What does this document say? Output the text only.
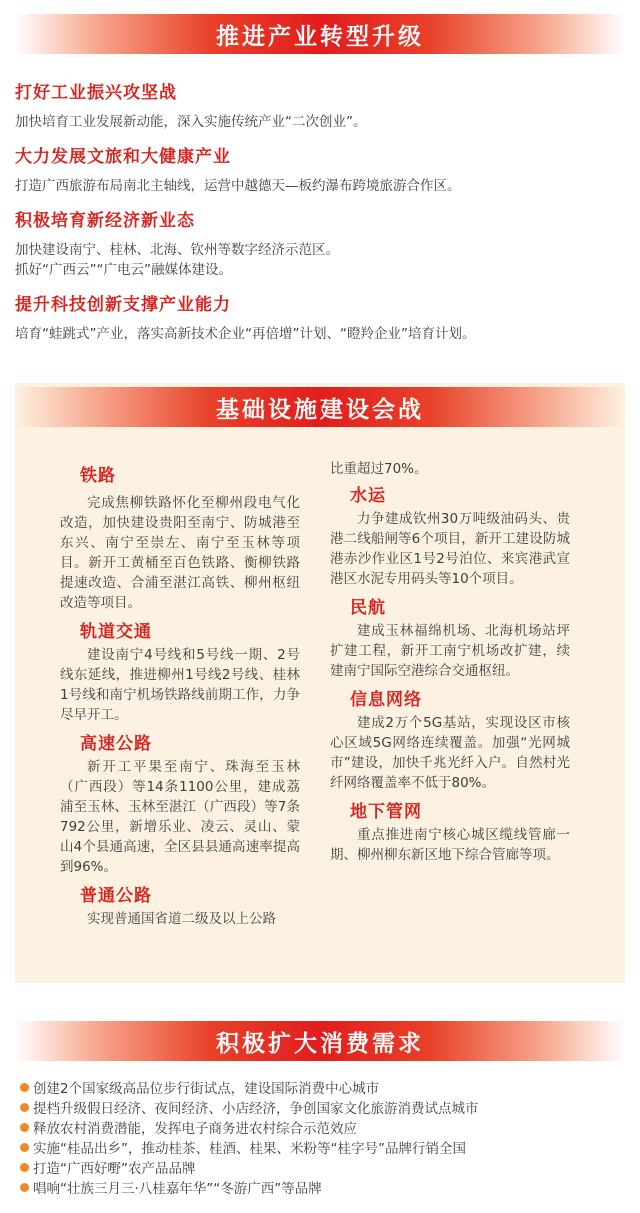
推进产业转型升级

打好工业振兴攻坚战

加快培育工业发展新动能，深入实施传统产业“二次创业”。

大力发展文旅和大健康产业

打造广西旅游布局南北主轴线，运营中越德天—板约瀑布跨境旅游合作区。

积极培育新经济新业态

加快建设南宁、桂林、北海、钦州等数字经济示范区。

抓好“广西云”“广电云”融媒体建设。

提升科技创新支撑产业能力

培育“蛙跳式”产业，落实高新技术企业“再倍增”计划、“瞪羚企业”培育计划。

基础设施建设会战

铁路

完成焦柳铁路怀化至柳州段电气化改造，加快建设贵阳至南宁、防城港至东兴、南宁至崇左、南宁至玉林等项目。新开工黄桶至百色铁路、衡柳铁路提速改造、合浦至湛江高铁、柳州枢纽改造等项目。

轨道交通

建设南宁4号线和5号线一期、2号线东延线，推进柳州1号线2号线、桂林1号线和南宁机场铁路线前期工作，力争尽早开工。

高速公路

新开工平果至南宁、珠海至玉林（广西段）等14条1100公里，建成荔浦至玉林、玉林至湛江（广西段）等7条792公里，新增乐业、凌云、灵山、蒙山4个县通高速，全区县县通高速率提高到96%。

普通公路

实现普通国省道二级及以上公路

比重超过70%。

水运

力争建成钦州30万吨级油码头、贵港二线船闸等6个项目，新开工建设防城港赤沙作业区1号2号泊位、来宾港武宣港区水泥专用码头等10个项目。

民航

建成玉林福绵机场、北海机场站坪扩建工程，新开工南宁机场改扩建，续建南宁国际空港综合交通枢纽。

信息网络

建成2万个5G基站，实现设区市核心区域5G网络连续覆盖。加强“光网城市”建设，加快千兆光纤入户。自然村光纤网络覆盖率不低于80%。

地下管网

重点推进南宁核心城区缆线管廊一期、柳州柳东新区地下综合管廊等项。

积极扩大消费需求
创建2个国家级高品位步行街试点，建设国际消费中心城市
提档升级假日经济、夜间经济、小店经济，争创国家文化旅游消费试点城市
释放农村消费潜能，发挥电子商务进农村综合示范效应
实施“桂品出乡”，推动桂茶、桂酒、桂果、米粉等“桂字号”品牌行销全国
打造“广西好嘢”农产品品牌
唱响“壮族三月三·八桂嘉年华”“冬游广西”等品牌
